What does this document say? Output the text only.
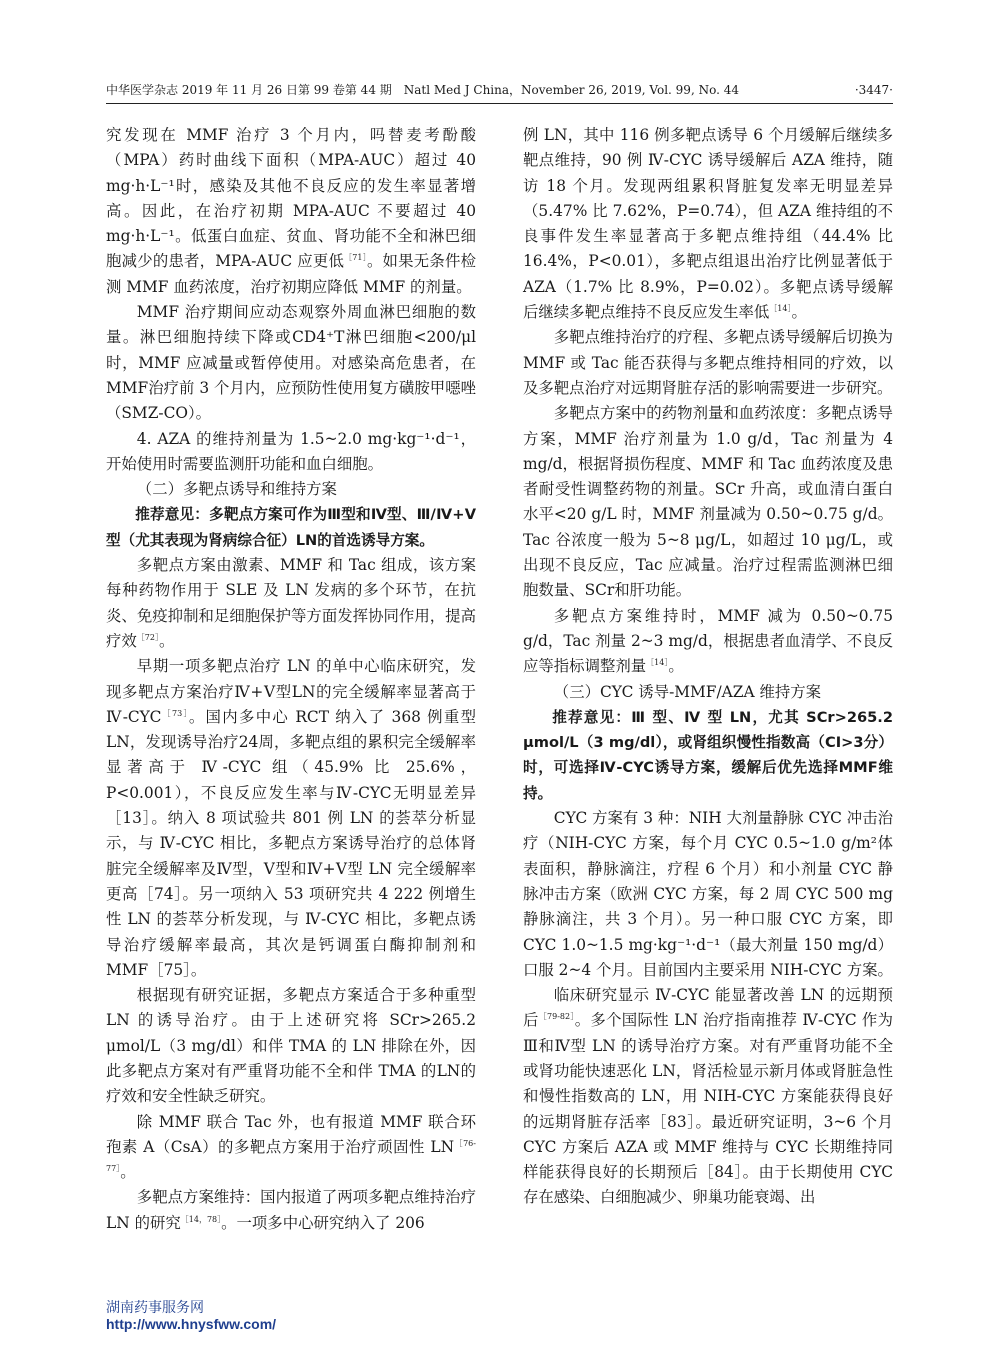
中华医学杂志 2019 年 11 月 26 日第 99 卷第 44 期　Natl Med J China，November 26, 2019, Vol. 99, No. 44	·3447·

究发现在 MMF 治疗 3 个月内，吗替麦考酚酸（MPA）药时曲线下面积（MPA-AUC）超过 40 mg·h·L⁻¹时，感染及其他不良反应的发生率显著增高。因此，在治疗初期 MPA-AUC 不要超过 40 mg·h·L⁻¹。低蛋白血症、贫血、肾功能不全和淋巴细胞减少的患者，MPA-AUC 应更低$^{[71]}$。如果无条件检测 MMF 血药浓度，治疗初期应降低 MMF 的剂量。

MMF 治疗期间应动态观察外周血淋巴细胞的数量。淋巴细胞持续下降或CD4⁺T淋巴细胞<200/μl时，MMF 应减量或暂停使用。对感染高危患者，在MMF治疗前 3 个月内，应预防性使用复方磺胺甲噁唑（SMZ-CO）。

4. AZA 的维持剂量为 1.5~2.0 mg·kg⁻¹·d⁻¹，开始使用时需要监测肝功能和血白细胞。

（二）多靶点诱导和维持方案

推荐意见：多靶点方案可作为Ⅲ型和Ⅳ型、Ⅲ/Ⅳ+Ⅴ型（尤其表现为肾病综合征）LN的首选诱导方案。

多靶点方案由激素、MMF 和 Tac 组成，该方案每种药物作用于 SLE 及 LN 发病的多个环节，在抗炎、免疫抑制和足细胞保护等方面发挥协同作用，提高疗效$^{[72]}$。

早期一项多靶点治疗 LN 的单中心临床研究，发现多靶点方案治疗Ⅳ+Ⅴ型LN的完全缓解率显著高于$Ⅳ-CYC^{[73]}$。国内多中心 RCT 纳入了 368 例重型LN，发现诱导治疗24周，多靶点组的累积完全缓解率显著高于 Ⅳ-CYC 组（45.9% 比 25.6%，P<0.001），不良反应发生率与Ⅳ-CYC无明显差异［13］。纳入 8 项试验共 801 例 LN 的荟萃分析显示，与 Ⅳ-CYC 相比，多靶点方案诱导治疗的总体肾脏完全缓解率及Ⅳ型，Ⅴ型和Ⅳ+Ⅴ型 LN 完全缓解率更高［74］。另一项纳入 53 项研究共 4 222 例增生性 LN 的荟萃分析发现，与 Ⅳ-CYC 相比，多靶点诱导治疗缓解率最高，其次是钙调蛋白酶抑制剂和 MMF［75］。

根据现有研究证据，多靶点方案适合于多种重型 LN 的诱导治疗。由于上述研究将 SCr>265.2 μmol/L（3 mg/dl）和伴 TMA 的 LN 排除在外，因此多靶点方案对有严重肾功能不全和伴 TMA 的LN的疗效和安全性缺乏研究。

除 MMF 联合 Tac 外，也有报道 MMF 联合环孢素 A（CsA）的多靶点方案用于治疗顽固性 $LN^{[76-77]}$。

多靶点方案维持：国内报道了两项多靶点维持治疗 LN 的研究$^{[14,78]}$。一项多中心研究纳入了 206

例 LN，其中 116 例多靶点诱导 6 个月缓解后继续多靶点维持，90 例 Ⅳ-CYC 诱导缓解后 AZA 维持，随访 18 个月。发现两组累积肾脏复发率无明显差异（5.47% 比 7.62%，P=0.74），但 AZA 维持组的不良事件发生率显著高于多靶点维持组（44.4% 比 16.4%，P<0.01），多靶点组退出治疗比例显著低于 AZA（1.7% 比 8.9%，P=0.02）。多靶点诱导缓解后继续多靶点维持不良反应发生率低$^{[14]}$。

多靶点维持治疗的疗程、多靶点诱导缓解后切换为 MMF 或 Tac 能否获得与多靶点维持相同的疗效，以及多靶点治疗对远期肾脏存活的影响需要进一步研究。

多靶点方案中的药物剂量和血药浓度：多靶点诱导方案，MMF 治疗剂量为 1.0 g/d，Tac 剂量为 4 mg/d，根据肾损伤程度、MMF 和 Tac 血药浓度及患者耐受性调整药物的剂量。SCr 升高，或血清白蛋白水平<20 g/L 时，MMF 剂量减为 0.50~0.75 g/d。Tac 谷浓度一般为 5~8 μg/L，如超过 10 μg/L，或出现不良反应，Tac 应减量。治疗过程需监测淋巴细胞数量、SCr和肝功能。

多靶点方案维持时，MMF 减为 0.50~0.75 g/d，Tac 剂量 2~3 mg/d，根据患者血清学、不良反应等指标调整剂量$^{[14]}$。

（三）CYC 诱导-MMF/AZA 维持方案

推荐意见：Ⅲ 型、Ⅳ 型 LN，尤其 SCr>265.2 μmol/L（3 mg/dl），或肾组织慢性指数高（CI>3分）时，可选择Ⅳ-CYC诱导方案，缓解后优先选择MMF维持。

CYC 方案有 3 种：NIH 大剂量静脉 CYC 冲击治疗（NIH-CYC 方案，每个月 CYC 0.5~1.0 g/m²体表面积，静脉滴注，疗程 6 个月）和小剂量 CYC 静脉冲击方案（欧洲 CYC 方案，每 2 周 CYC 500 mg 静脉滴注，共 3 个月）。另一种口服 CYC 方案，即 CYC 1.0~1.5 mg·kg⁻¹·d⁻¹（最大剂量 150 mg/d）口服 2~4 个月。目前国内主要采用 NIH-CYC 方案。

临床研究显示 Ⅳ-CYC 能显著改善 LN 的远期预后$^{[79-82]}$。多个国际性 LN 治疗指南推荐 Ⅳ-CYC 作为Ⅲ和Ⅳ型 LN 的诱导治疗方案。对有严重肾功能不全或肾功能快速恶化 LN，肾活检显示新月体或肾脏急性和慢性指数高的 LN，用 NIH-CYC 方案能获得良好的远期肾脏存活率［83］。最近研究证明，3~6 个月 CYC 方案后 AZA 或 MMF 维持与 CYC 长期维持同样能获得良好的长期预后［84］。由于长期使用 CYC 存在感染、白细胞减少、卵巢功能衰竭、出

湖南药事服务网
http://www.hnysfww.com/
